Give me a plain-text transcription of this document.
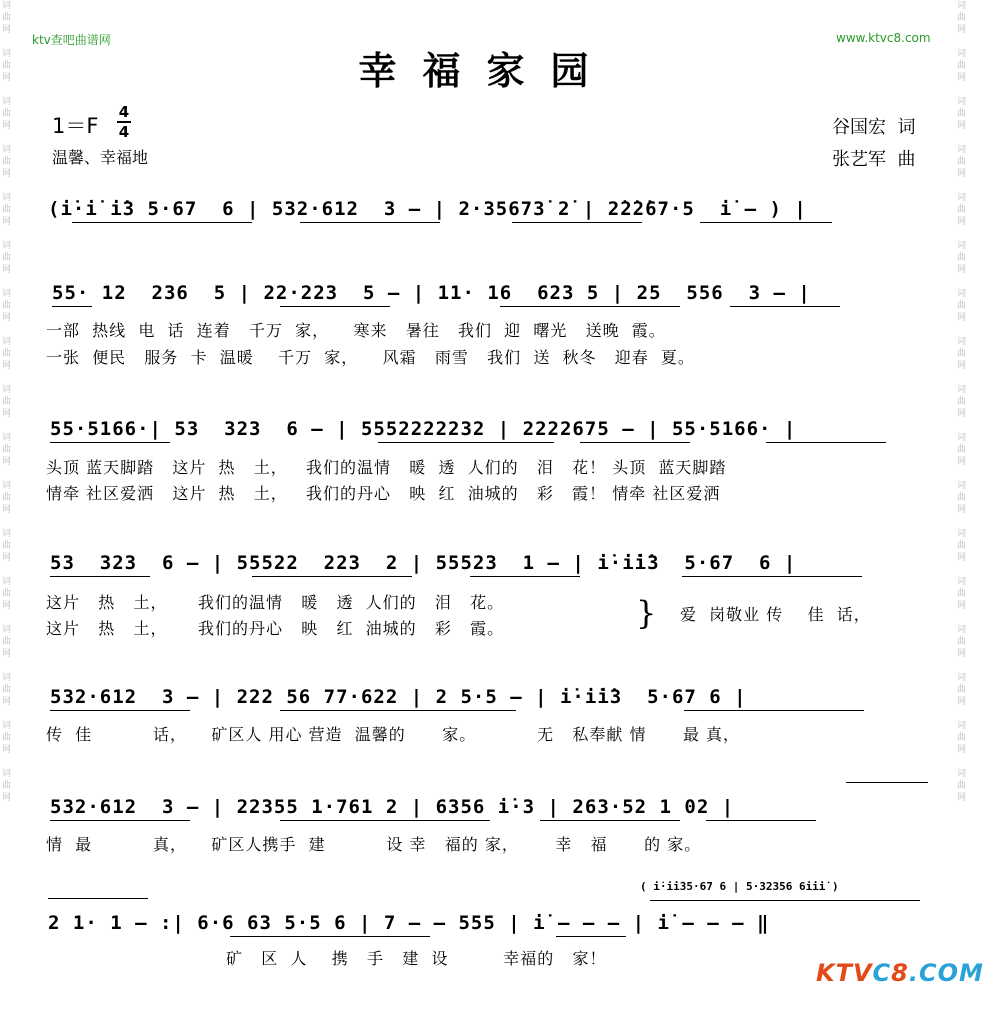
词
曲
网

词
曲
网

词
曲
网

词
曲
网

词
曲
网

词
曲
网

词
曲
网

词
曲
网

词
曲
网

词
曲
网

词
曲
网

词
曲
网

词
曲
网

词
曲
网

词
曲
网

词
曲
网

词
曲
网
词
曲
网

词
曲
网

词
曲
网

词
曲
网

词
曲
网

词
曲
网

词
曲
网

词
曲
网

词
曲
网

词
曲
网

词
曲
网

词
曲
网

词
曲
网

词
曲
网

词
曲
网

词
曲
网

词
曲
网
ktv查吧曲谱网	www.ktvc8.com
幸福家园
1＝F
4
4
温馨、幸福地
谷国宏  词
张艺军  曲
(i̇·i̇ i̇3 5·67  6 | 532·612  3 – | 2·35673̇ 2̇ | 2̇2̇2̇67·5  i̇ – ) |
55· 12  236  5 | 22·223  5 – | 11· 16  623 5 | 25  556  3 – |
一部  热线  电  话  连着   千万  家，    寒来   暑往   我们  迎  曙光   送晚  霞。
一张  便民   服务  卡  温暖    千万  家，    风霜   雨雪   我们  送  秋冬   迎春  夏。
55·5166·| 53  323  6 – | 5552222232 | 2222675 – | 55·5166· |
头顶 蓝天脚踏   这片  热   土，   我们的温情   暖  透  人们的   泪   花！ 头顶  蓝天脚踏
情牵 社区爱洒   这片  热   土，   我们的丹心   映  红  油城的   彩   霞！ 情牵 社区爱洒
53  323  6 – | 55522  223  2 | 55523  1 – | i̇·i̇i̇3  5·67  6 |
这片   热   土，     我们的温情   暖   透  人们的   泪   花。
这片   热   土，     我们的丹心   映   红  油城的   彩   霞。	} 爱  岗敬业 传    佳  话，
532·612  3 – | 222 56 77·622 | 2 5·5 – | i̇·i̇i̇3  5·67 6 |
传  佳          话，    矿区人 用心 营造  温馨的      家。          无   私奉献 情      最 真，
532·612  3 – | 22355 1·761 2 | 6356 i̇·3 | 263·52 1 02 |
情  最          真，    矿区人携手  建          设 幸   福的 家，      幸   福      的 家。
( i̇·i̇i̇35·67 6 | 5·32356 6i̇i̇i̇ )
2 1· 1 – :| 6·6 63 5·5 6 | 7 – – 555 | i̇ – – – | i̇ – – – ‖
矿   区  人    携   手   建  设         幸福的   家！
KTVC8.COM
